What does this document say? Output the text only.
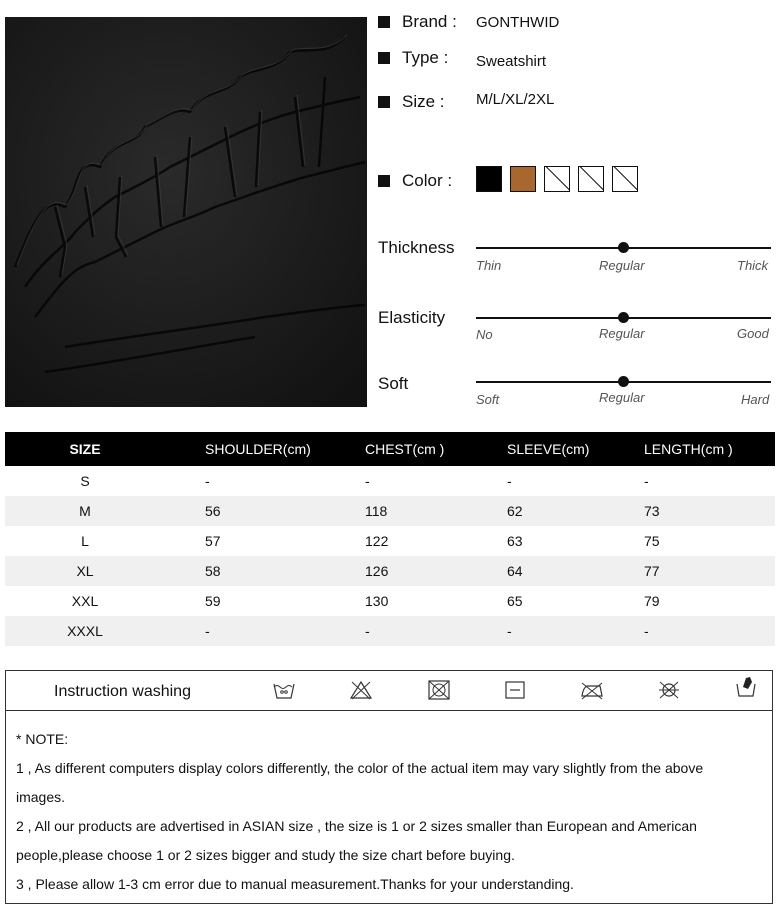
Brand : GONTHWID
Type : Sweatshirt
Size : M/L/XL/2XL
Color :
Thickness
Thin	Regular	Thick
Elasticity
No	Regular	Good
Soft
Soft	Regular	Hard
SIZE	SHOULDER(cm)	CHEST(cm )	SLEEVE(cm)	LENGTH(cm )
S	-	-	-	-
M	56	118	62	73
L	57	122	63	75
XL	58	126	64	77
XXL	59	130	65	79
XXXL	-	-	-	-
Instruction washing

* NOTE:

1 , As different computers display colors differently, the color of the actual item may vary slightly from the above

images.

2 , All our products are advertised in ASIAN size , the size is 1 or 2 sizes smaller than European and American

people,please choose 1 or 2 sizes bigger and study the size chart before buying.

3 , Please allow 1-3 cm error due to manual measurement.Thanks for your understanding.
